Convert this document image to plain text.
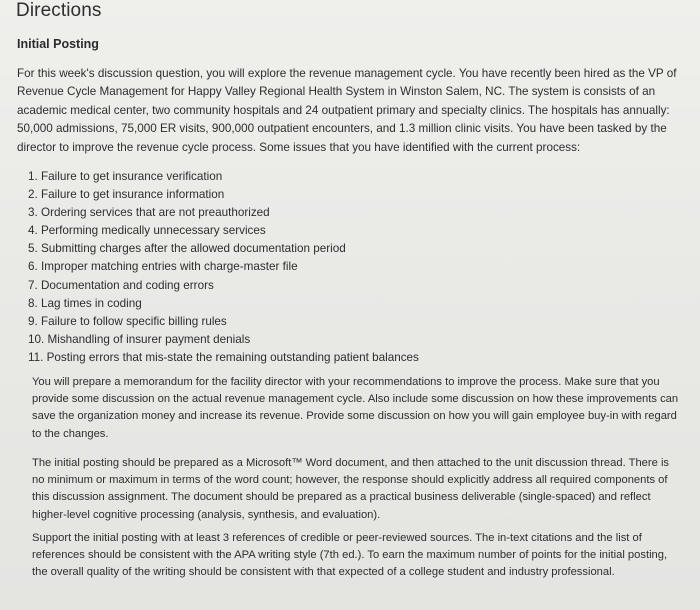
Directions
Initial Posting

For this week's discussion question, you will explore the revenue management cycle. You have recently been hired as the VP of Revenue Cycle Management for Happy Valley Regional Health System in Winston Salem, NC. The system is consists of an academic medical center, two community hospitals and 24 outpatient primary and specialty clinics. The hospitals has annually: 50,000 admissions, 75,000 ER visits, 900,000 outpatient encounters, and 1.3 million clinic visits. You have been tasked by the director to improve the revenue cycle process. Some issues that you have identified with the current process:

1. Failure to get insurance verification
2. Failure to get insurance information
3. Ordering services that are not preauthorized
4. Performing medically unnecessary services
5. Submitting charges after the allowed documentation period
6. Improper matching entries with charge-master file
7. Documentation and coding errors
8. Lag times in coding
9. Failure to follow specific billing rules
10. Mishandling of insurer payment denials
11. Posting errors that mis-state the remaining outstanding patient balances

You will prepare a memorandum for the facility director with your recommendations to improve the process. Make sure that you provide some discussion on the actual revenue management cycle. Also include some discussion on how these improvements can save the organization money and increase its revenue. Provide some discussion on how you will gain employee buy-in with regard to the changes.

The initial posting should be prepared as a Microsoft™ Word document, and then attached to the unit discussion thread. There is no minimum or maximum in terms of the word count; however, the response should explicitly address all required components of this discussion assignment. The document should be prepared as a practical business deliverable (single-spaced) and reflect higher-level cognitive processing (analysis, synthesis, and evaluation).

Support the initial posting with at least 3 references of credible or peer-reviewed sources. The in-text citations and the list of references should be consistent with the APA writing style (7th ed.). To earn the maximum number of points for the initial posting, the overall quality of the writing should be consistent with that expected of a college student and industry professional.
